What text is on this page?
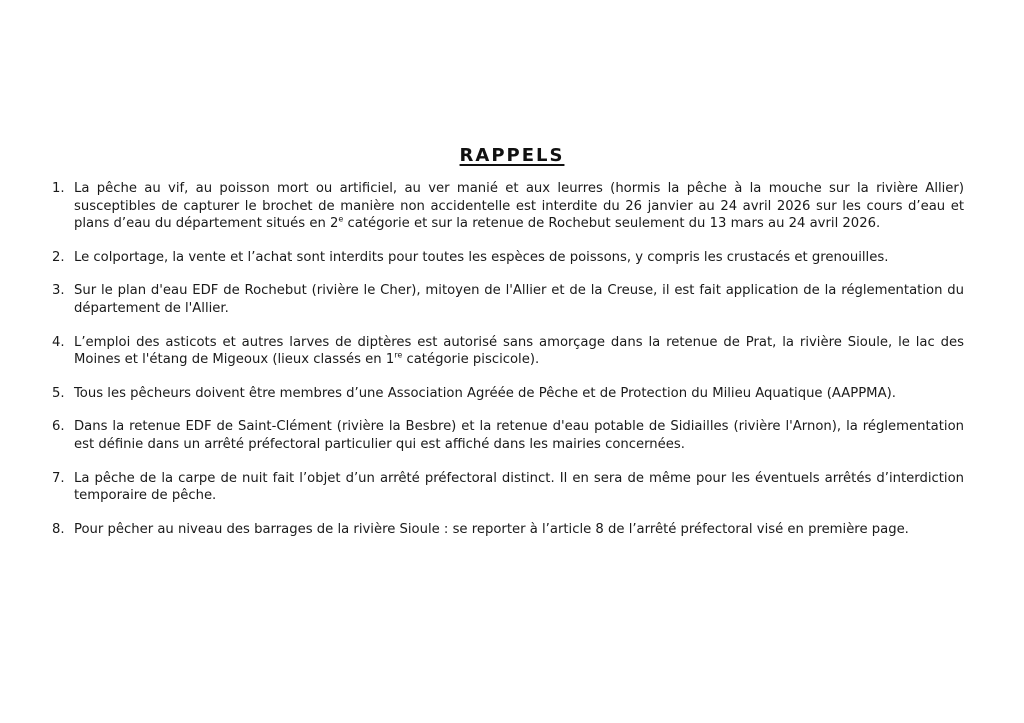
RAPPELS
1. La pêche au vif, au poisson mort ou artificiel, au ver manié et aux leurres (hormis la pêche à la mouche sur la rivière Allier) susceptibles de capturer le brochet de manière non accidentelle est interdite du 26 janvier au 24 avril 2026 sur les cours d’eau et plans d’eau du département situés en 2e catégorie et sur la retenue de Rochebut seulement du 13 mars au 24 avril 2026.
2. Le colportage, la vente et l’achat sont interdits pour toutes les espèces de poissons, y compris les crustacés et grenouilles.
3. Sur le plan d'eau EDF de Rochebut (rivière le Cher), mitoyen de l'Allier et de la Creuse, il est fait application de la réglementation du département de l'Allier.
4. L’emploi des asticots et autres larves de diptères est autorisé sans amorçage dans la retenue de Prat, la rivière Sioule, le lac des Moines et l'étang de Migeoux (lieux classés en 1re catégorie piscicole).
5. Tous les pêcheurs doivent être membres d’une Association Agréée de Pêche et de Protection du Milieu Aquatique (AAPPMA).
6. Dans la retenue EDF de Saint-Clément (rivière la Besbre) et la retenue d'eau potable de Sidiailles (rivière l'Arnon), la réglementation est définie dans un arrêté préfectoral particulier qui est affiché dans les mairies concernées.
7. La pêche de la carpe de nuit fait l’objet d’un arrêté préfectoral distinct. Il en sera de même pour les éventuels arrêtés d’interdiction temporaire de pêche.
8. Pour pêcher au niveau des barrages de la rivière Sioule : se reporter à l’article 8 de l’arrêté préfectoral visé en première page.
